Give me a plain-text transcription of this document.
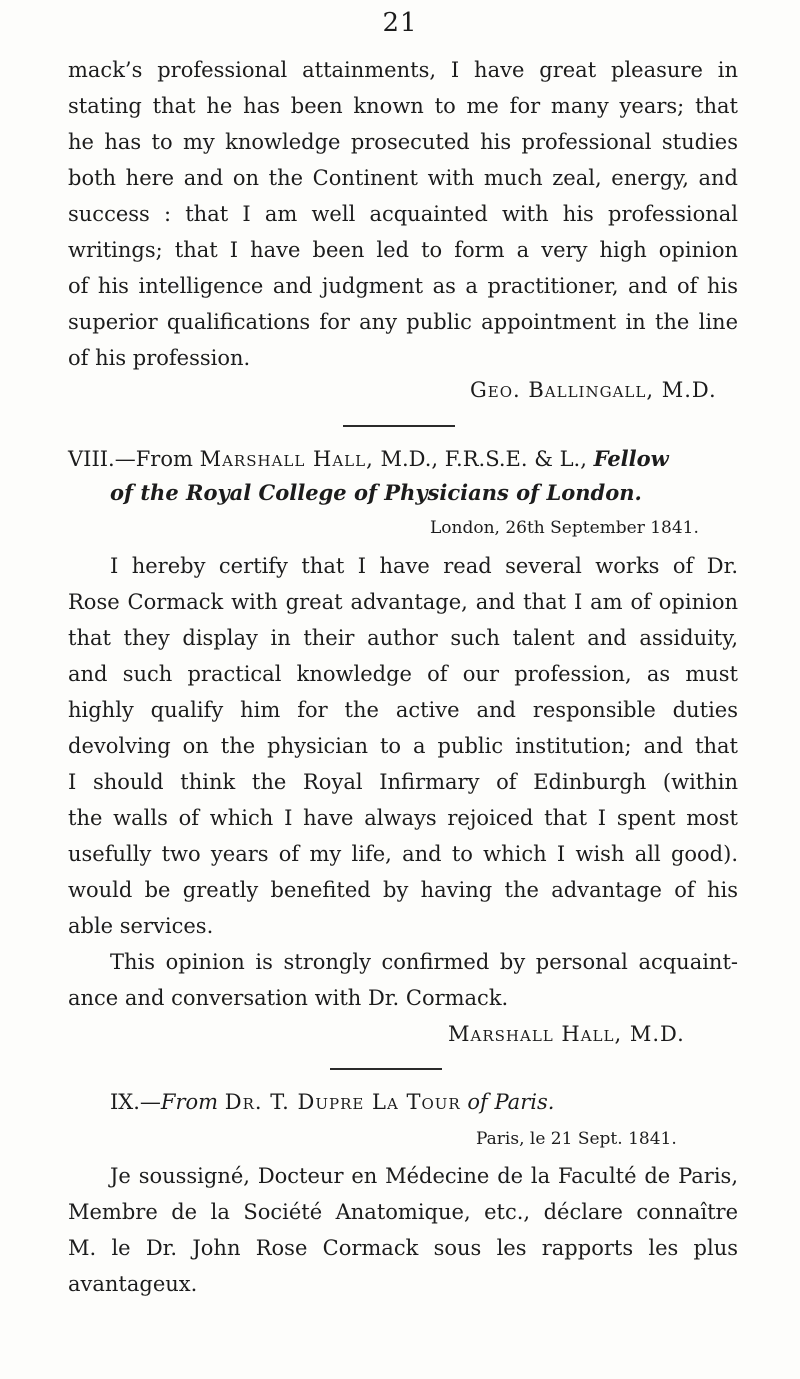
21
mack’s professional attainments, I have great pleasure in
stating that he has been known to me for many years; that
he has to my knowledge prosecuted his professional studies
both here and on the Continent with much zeal, energy, and
success : that I am well acquainted with his professional
writings; that I have been led to form a very high opinion
of his intelligence and judgment as a practitioner, and of his
superior qualifications for any public appointment in the line
of his profession.
Geo. Ballingall, M.D.
VIII.—From Marshall Hall, M.D., F.R.S.E. & L., Fellow
of the Royal College of Physicians of London.
London, 26th September 1841.
I hereby certify that I have read several works of Dr.
Rose Cormack with great advantage, and that I am of opinion
that they display in their author such talent and assiduity,
and such practical knowledge of our profession, as must
highly qualify him for the active and responsible duties
devolving on the physician to a public institution; and that
I should think the Royal Infirmary of Edinburgh (within
the walls of which I have always rejoiced that I spent most
usefully two years of my life, and to which I wish all good).
would be greatly benefited by having the advantage of his
able services.
This opinion is strongly confirmed by personal acquaint-
ance and conversation with Dr. Cormack.
Marshall Hall, M.D.
IX.—From Dr. T. Dupre La Tour of Paris.
Paris, le 21 Sept. 1841.
Je soussigné, Docteur en Médecine de la Faculté de Paris,
Membre de la Société Anatomique, etc., déclare connaître
M. le Dr. John Rose Cormack sous les rapports les plus
avantageux.
